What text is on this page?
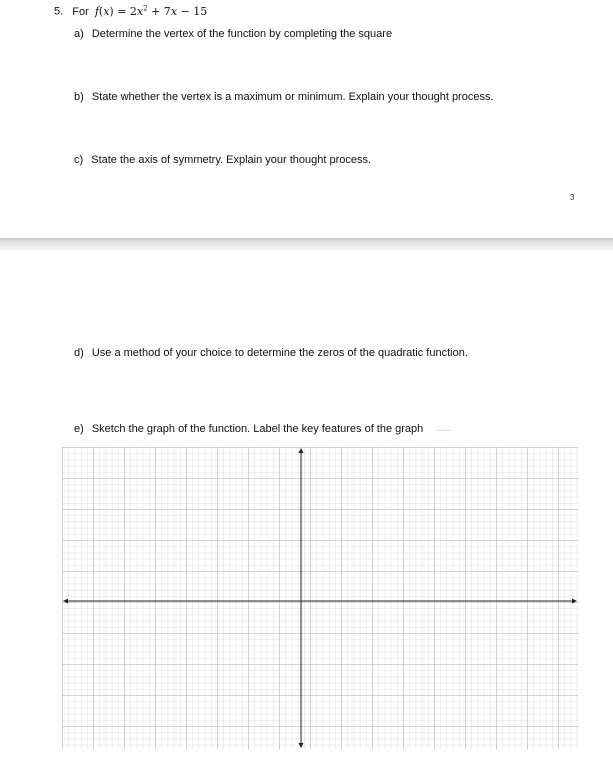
5. For $f(x) = 2x^2 + 7x - 15$
a) Determine the vertex of the function by completing the square
b) State whether the vertex is a maximum or minimum. Explain your thought process.
c) State the axis of symmetry. Explain your thought process.
3
d) Use a method of your choice to determine the zeros of the quadratic function.
e) Sketch the graph of the function. Label the key features of the graph
